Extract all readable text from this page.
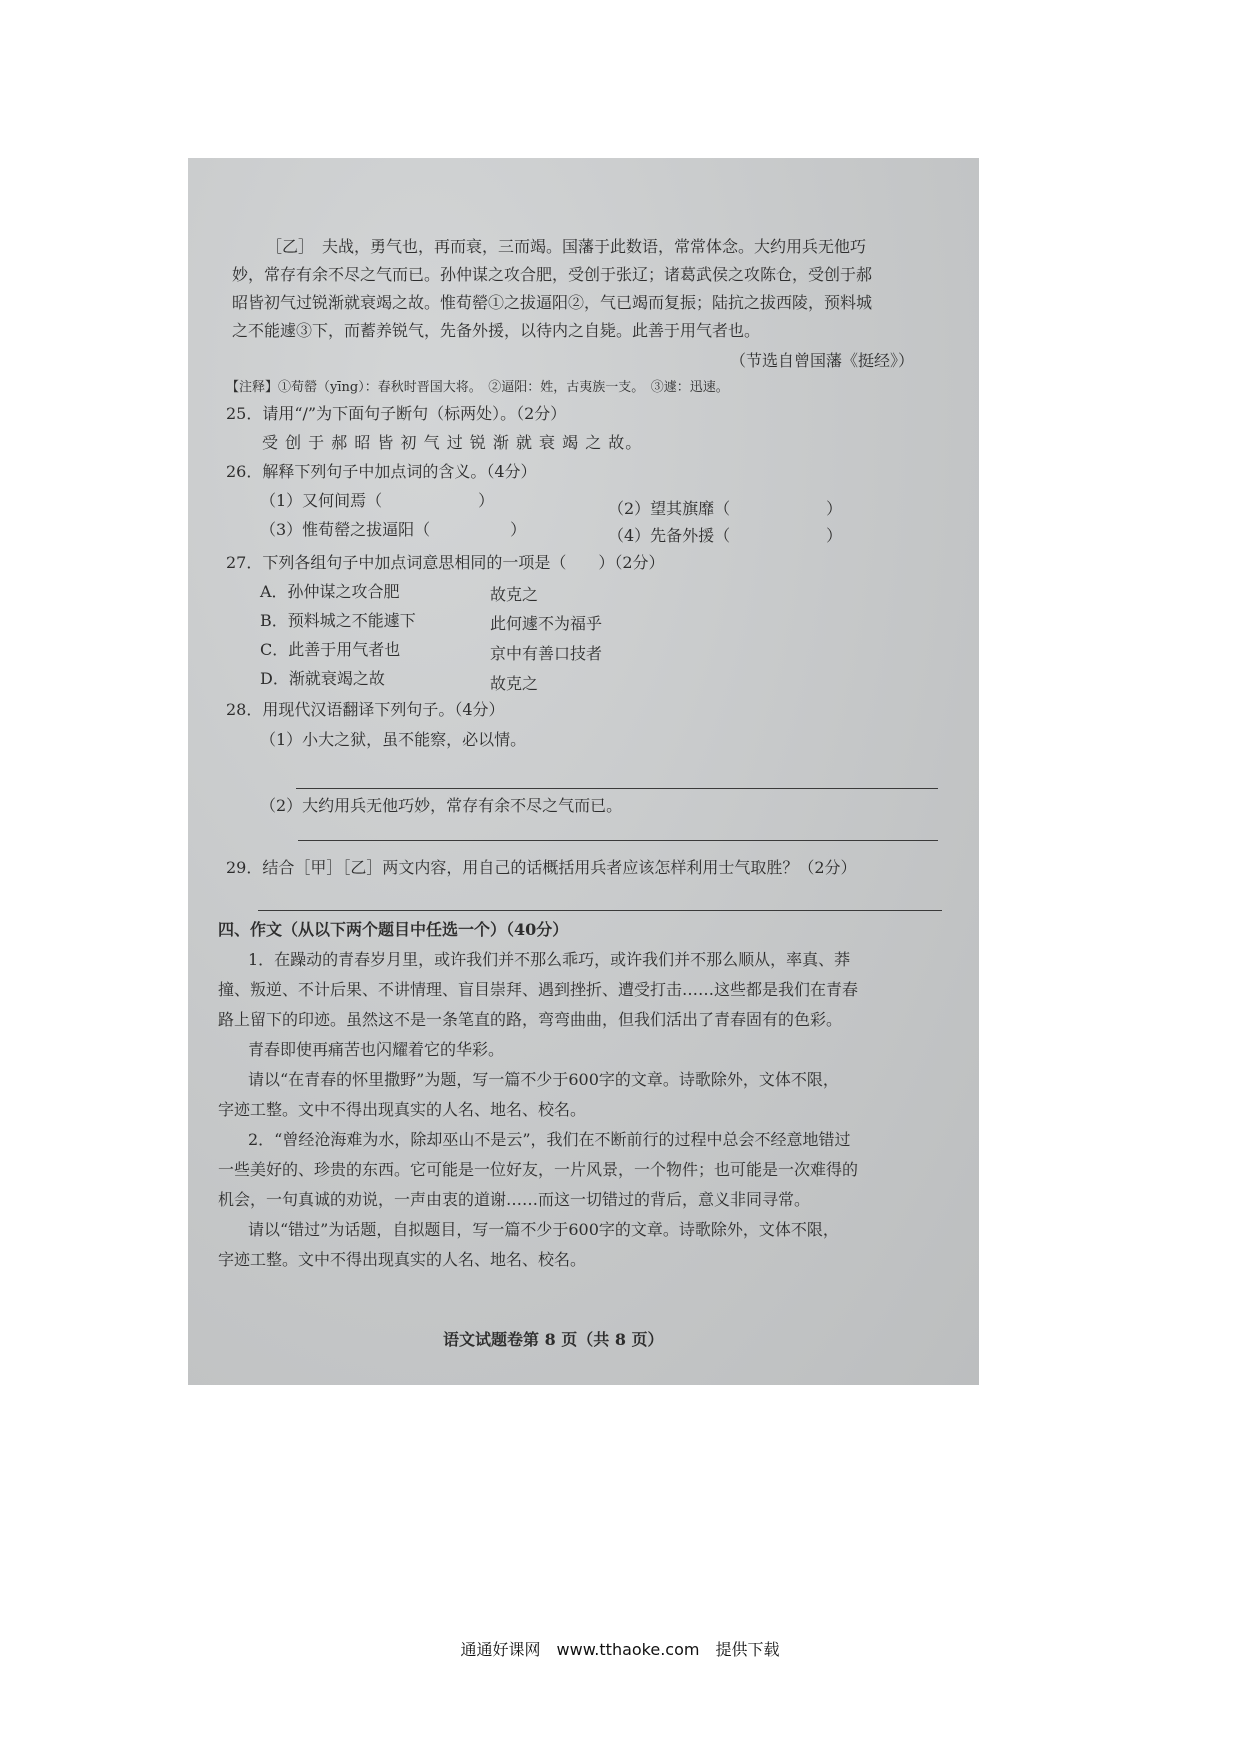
［乙］　夫战，勇气也，再而衰，三而竭。国藩于此数语，常常体念。大约用兵无他巧
妙，常存有余不尽之气而已。孙仲谋之攻合肥，受创于张辽；诸葛武侯之攻陈仓，受创于郝
昭皆初气过锐渐就衰竭之故。惟荀罃①之拔逼阳②，气已竭而复振；陆抗之拔西陵，预料城
之不能遽③下，而蓄养锐气，先备外援，以待内之自毙。此善于用气者也。
（节选自曾国藩《挺经》）
【注释】①荀罃（yīng）：春秋时晋国大将。　②逼阳：姓，古夷族一支。　③遽：迅速。
25．请用“/”为下面句子断句（标两处）。（2分）
受 创 于 郝 昭 皆 初 气 过 锐 渐 就 衰 竭 之 故。
26．解释下列句子中加点词的含义。（4分）
（1）又何间焉（　　　　　　）	（2）望其旗靡（　　　　　　）
（3）惟荀罃之拔逼阳（　　　　　）	（4）先备外援（　　　　　　）
27．下列各组句子中加点词意思相同的一项是（　　）（2分）
A．孙仲谋之攻合肥	故克之
B．预料城之不能遽下	此何遽不为福乎
C．此善于用气者也	京中有善口技者
D．渐就衰竭之故	故克之
28．用现代汉语翻译下列句子。（4分）
（1）小大之狱，虽不能察，必以情。
（2）大约用兵无他巧妙，常存有余不尽之气而已。
29．结合［甲］［乙］两文内容，用自己的话概括用兵者应该怎样利用士气取胜？（2分）
四、作文（从以下两个题目中任选一个）（40分）
1．在躁动的青春岁月里，或许我们并不那么乖巧，或许我们并不那么顺从，率真、莽
撞、叛逆、不计后果、不讲情理、盲目崇拜、遇到挫折、遭受打击……这些都是我们在青春
路上留下的印迹。虽然这不是一条笔直的路，弯弯曲曲，但我们活出了青春固有的色彩。
青春即使再痛苦也闪耀着它的华彩。
请以“在青春的怀里撒野”为题，写一篇不少于600字的文章。诗歌除外，文体不限，
字迹工整。文中不得出现真实的人名、地名、校名。
2．“曾经沧海难为水，除却巫山不是云”，我们在不断前行的过程中总会不经意地错过
一些美好的、珍贵的东西。它可能是一位好友，一片风景，一个物件；也可能是一次难得的
机会，一句真诚的劝说，一声由衷的道谢……而这一切错过的背后，意义非同寻常。
请以“错过”为话题，自拟题目，写一篇不少于600字的文章。诗歌除外，文体不限，
字迹工整。文中不得出现真实的人名、地名、校名。
语文试题卷第 8 页（共 8 页）
通通好课网　www.tthaoke.com　提供下载
